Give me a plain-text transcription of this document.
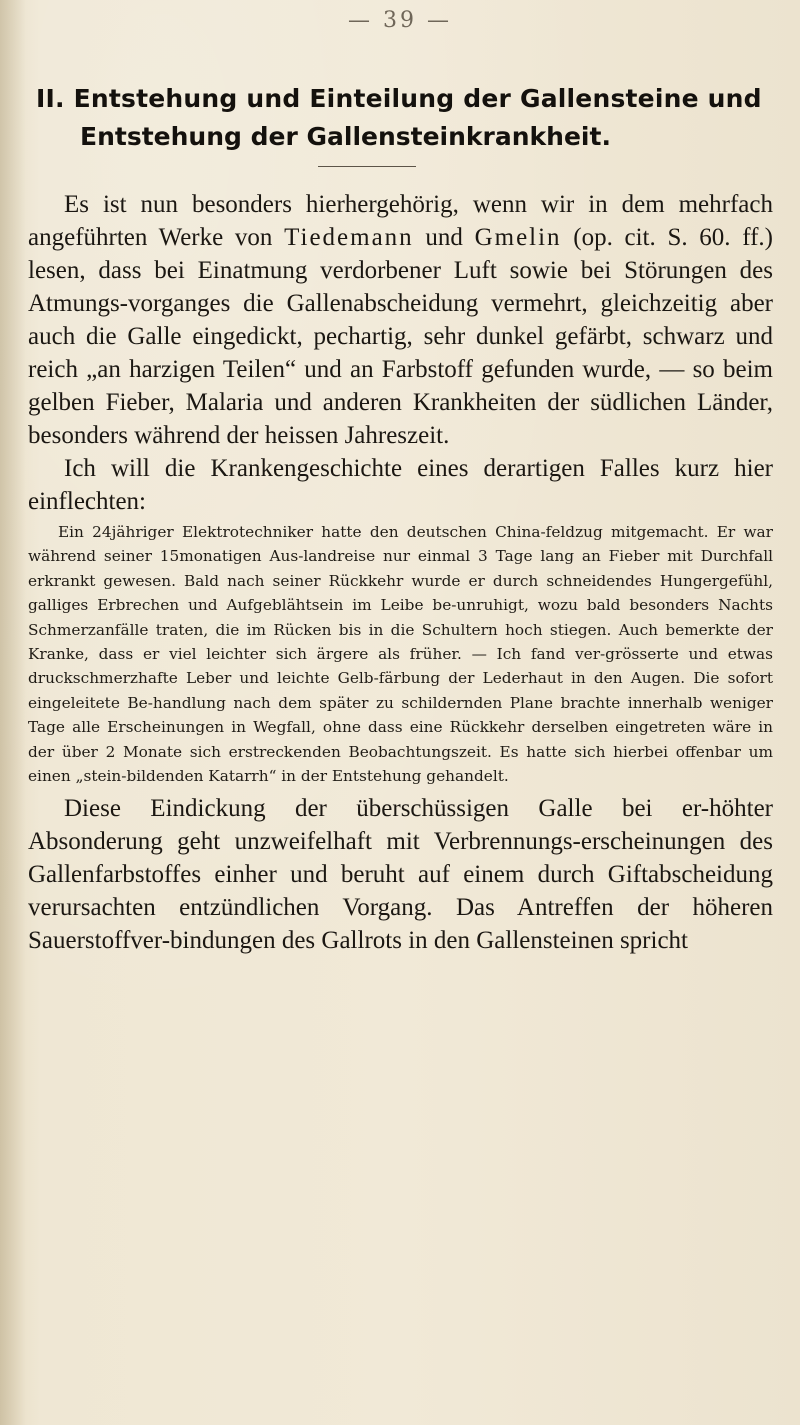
— 39 —
II. Entstehung und Einteilung der Gallensteine und
Entstehung der Gallensteinkrankheit.

Es ist nun besonders hierhergehörig, wenn wir in dem mehrfach angeführten Werke von Tiedemann und Gmelin (op. cit. S. 60. ff.) lesen, dass bei Einatmung verdorbener Luft sowie bei Störungen des Atmungs-vorganges die Gallenabscheidung vermehrt, gleichzeitig aber auch die Galle eingedickt, pechartig, sehr dunkel gefärbt, schwarz und reich „an harzigen Teilen“ und an Farbstoff gefunden wurde, — so beim gelben Fieber, Malaria und anderen Krankheiten der südlichen Länder, besonders während der heissen Jahreszeit.

Ich will die Krankengeschichte eines derartigen Falles kurz hier einflechten:

Ein 24jähriger Elektrotechniker hatte den deutschen China-feldzug mitgemacht. Er war während seiner 15monatigen Aus-landreise nur einmal 3 Tage lang an Fieber mit Durchfall erkrankt gewesen. Bald nach seiner Rückkehr wurde er durch schneidendes Hungergefühl, galliges Erbrechen und Aufgeblähtsein im Leibe be-unruhigt, wozu bald besonders Nachts Schmerzanfälle traten, die im Rücken bis in die Schultern hoch stiegen. Auch bemerkte der Kranke, dass er viel leichter sich ärgere als früher. — Ich fand ver-grösserte und etwas druckschmerzhafte Leber und leichte Gelb-färbung der Lederhaut in den Augen. Die sofort eingeleitete Be-handlung nach dem später zu schildernden Plane brachte innerhalb weniger Tage alle Erscheinungen in Wegfall, ohne dass eine Rückkehr derselben eingetreten wäre in der über 2 Monate sich erstreckenden Beobachtungszeit. Es hatte sich hierbei offenbar um einen „stein-bildenden Katarrh“ in der Entstehung gehandelt.

Diese Eindickung der überschüssigen Galle bei er-höhter Absonderung geht unzweifelhaft mit Verbrennungs-erscheinungen des Gallenfarbstoffes einher und beruht auf einem durch Giftabscheidung verursachten entzündlichen Vorgang. Das Antreffen der höheren Sauerstoffver-bindungen des Gallrots in den Gallensteinen spricht
